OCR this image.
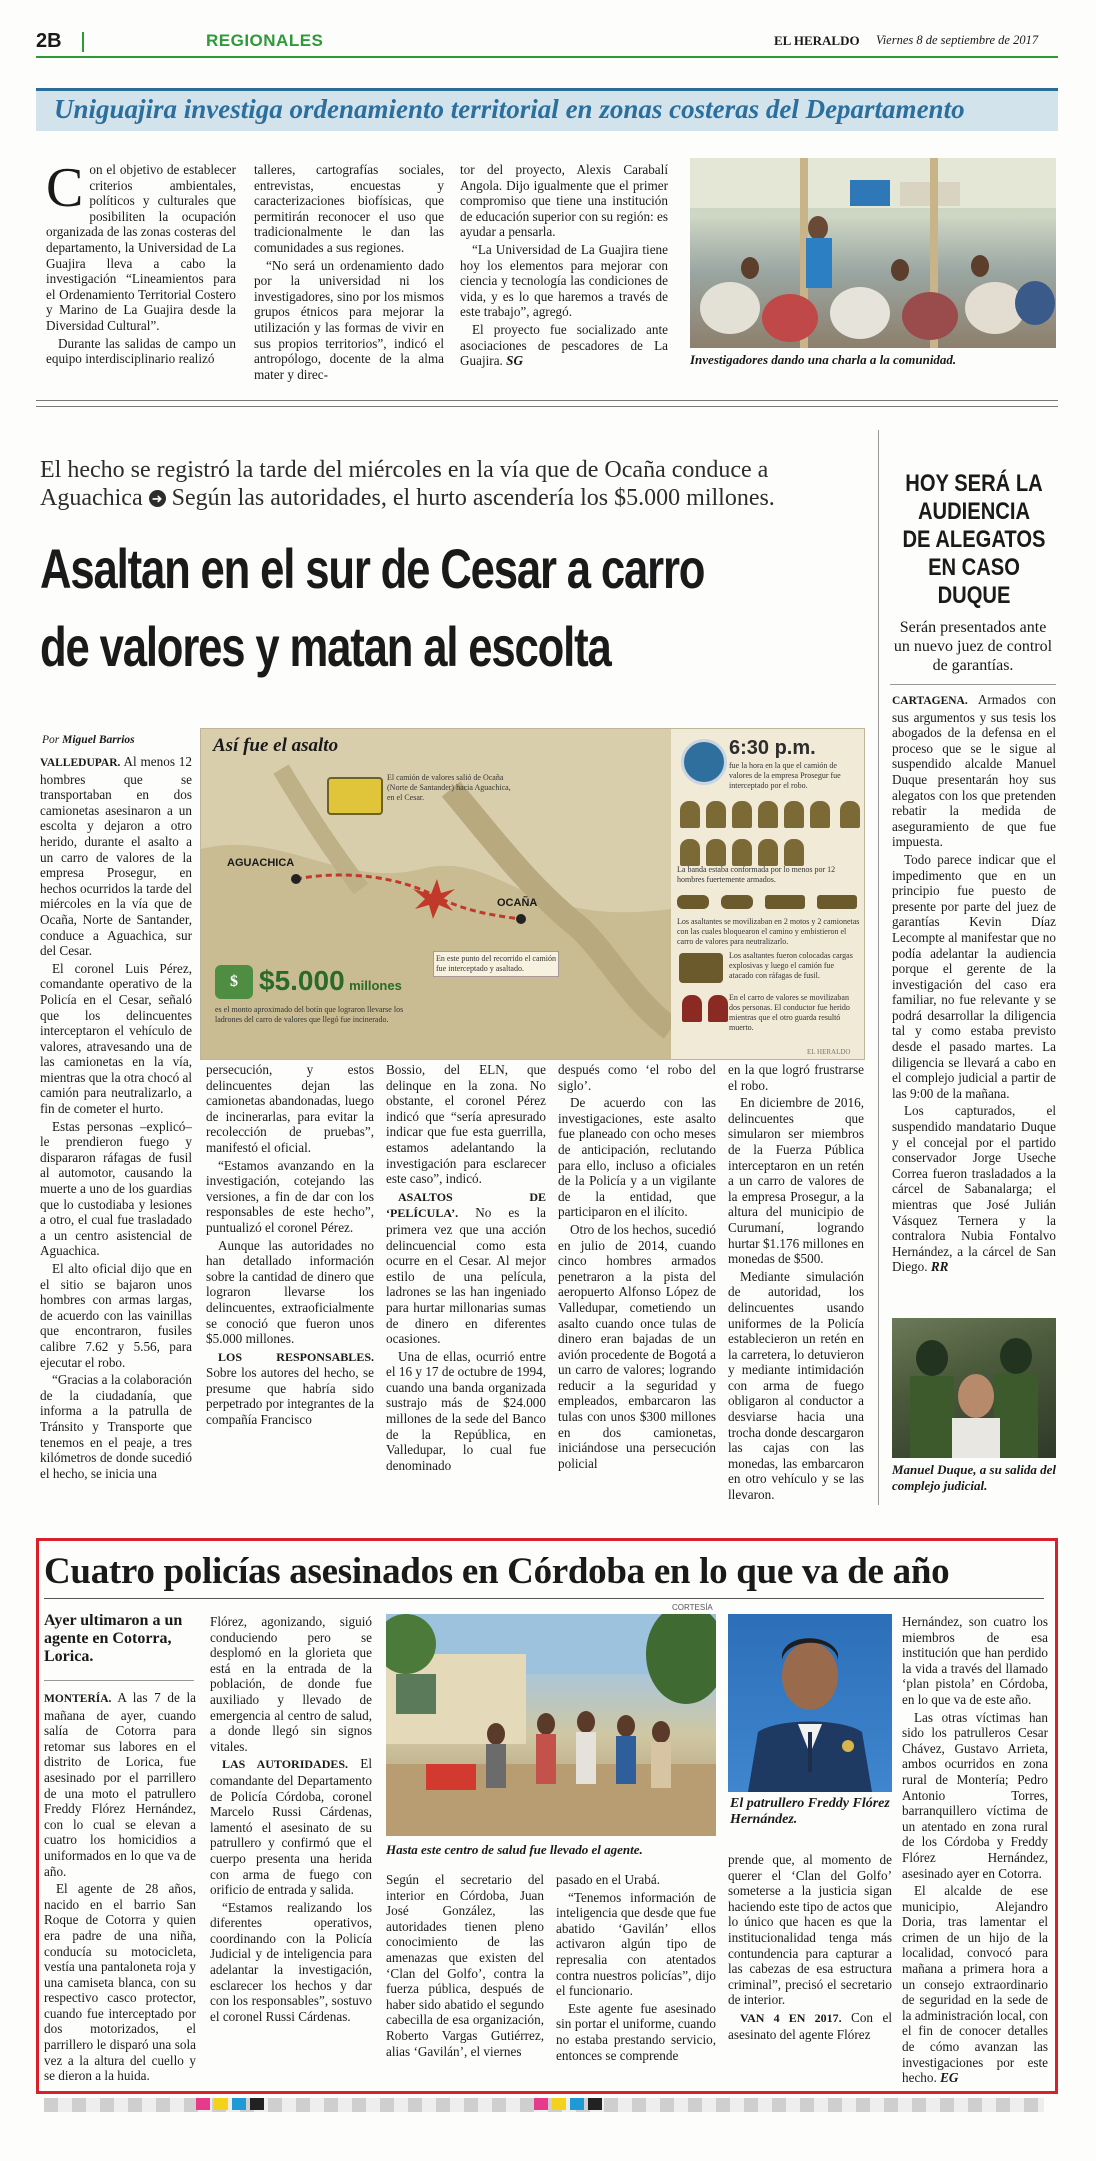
2B	REGIONALES	EL HERALDO Viernes 8 de septiembre de 2017
Uniguajira investiga ordenamiento territorial en zonas costeras del Departamento

Con el objetivo de establecer criterios ambientales, políticos y culturales que posibiliten la ocupación organizada de las zonas costeras del departamento, la Universidad de La Guajira lleva a cabo la investigación “Lineamientos para el Ordenamiento Territorial Costero y Marino de La Guajira desde la Diversidad Cultural”.

Durante las salidas de campo un equipo interdisciplinario realizó

talleres, cartografías sociales, entrevistas, encuestas y caracterizaciones biofísicas, que permitirán reconocer el uso que tradicionalmente le dan las comunidades a sus regiones.

“No será un ordenamiento dado por la universidad ni los investigadores, sino por los mismos grupos étnicos para mejorar la utilización y las formas de vivir en sus propios territorios”, indicó el antropólogo, docente de la alma mater y direc-

tor del proyecto, Alexis Carabalí Angola. Dijo igualmente que el primer compromiso que tiene una institución de educación superior con su región: es ayudar a pensarla.

“La Universidad de La Guajira tiene hoy los elementos para mejorar con ciencia y tecnología las condiciones de vida, y es lo que haremos a través de este trabajo”, agregó.

El proyecto fue socializado ante asociaciones de pescadores de La Guajira. SG	Investigadores dando una charla a la comunidad.
El hecho se registró la tarde del miércoles en la vía que de Ocaña conduce a Aguachica ➜ Según las autoridades, el hurto ascendería los $5.000 millones.
Asaltan en el sur de Cesar a carro
de valores y matan al escolta
Por Miguel Barrios	Así fue el asalto
AGUACHICA
OCAÑA
El camión de valores salió de Ocaña (Norte de Santander) hacia Aguachica, en el Cesar.
En este punto del recorrido el camión fue interceptado y asaltado.
$ $5.000 millones
es el monto aproximado del botín que lograron llevarse los ladrones del carro de valores que llegó fue incinerado.
6:30 p.m.
fue la hora en la que el camión de valores de la empresa Prosegur fue interceptado por el robo.

La banda estaba conformada por lo menos por 12 hombres fuertemente armados.

Los asaltantes se movilizaban en 2 motos y 2 camionetas con las cuales bloquearon el camino y embistieron el carro de valores para neutralizarlo.
Los asaltantes fueron colocadas cargas explosivas y luego el camión fue atacado con ráfagas de fusil.
En el carro de valores se movilizaban dos personas. El conductor fue herido mientras que el otro guarda resultó muerto.
EL HERALDO

VALLEDUPAR. Al menos 12 hombres que se transportaban en dos camionetas asesinaron a un escolta y dejaron a otro herido, durante el asalto a un carro de valores de la empresa Prosegur, en hechos ocurridos la tarde del miércoles en la vía que de Ocaña, Norte de Santander, conduce a Aguachica, sur del Cesar.

El coronel Luis Pérez, comandante operativo de la Policía en el Cesar, señaló que los delincuentes interceptaron el vehículo de valores, atravesando una de las camionetas en la vía, mientras que la otra chocó al camión para neutralizarlo, a fin de cometer el hurto.

Estas personas –explicó– le prendieron fuego y dispararon ráfagas de fusil al automotor, causando la muerte a uno de los guardias que lo custodiaba y lesiones a otro, el cual fue trasladado a un centro asistencial de Aguachica.

El alto oficial dijo que en el sitio se bajaron unos hombres con armas largas, de acuerdo con las vainillas que encontraron, fusiles calibre 7.62 y 5.56, para ejecutar el robo.

“Gracias a la colaboración de la ciudadanía, que informa a la patrulla de Tránsito y Transporte que tenemos en el peaje, a tres kilómetros de donde sucedió el hecho, se inicia una

persecución, y estos delincuentes dejan las camionetas abandonadas, luego de incinerarlas, para evitar la recolección de pruebas”, manifestó el oficial.

“Estamos avanzando en la investigación, cotejando las versiones, a fin de dar con los responsables de este hecho”, puntualizó el coronel Pérez.

Aunque las autoridades no han detallado información sobre la cantidad de dinero que lograron llevarse los delincuentes, extraoficialmente se conoció que fueron unos $5.000 millones.

LOS RESPONSABLES. Sobre los autores del hecho, se presume que habría sido perpetrado por integrantes de la compañía Francisco

Bossio, del ELN, que delinque en la zona. No obstante, el coronel Pérez indicó que “sería apresurado indicar que fue esta guerrilla, estamos adelantando la investigación para esclarecer este caso”, indicó.

ASALTOS DE ‘PELÍCULA’. No es la primera vez que una acción delincuencial como esta ocurre en el Cesar. Al mejor estilo de una película, ladrones se las han ingeniado para hurtar millonarias sumas de dinero en diferentes ocasiones.

Una de ellas, ocurrió entre el 16 y 17 de octubre de 1994, cuando una banda organizada sustrajo más de $24.000 millones de la sede del Banco de la República, en Valledupar, lo cual fue denominado

después como ‘el robo del siglo’.

De acuerdo con las investigaciones, este asalto fue planeado con ocho meses de anticipación, reclutando para ello, incluso a oficiales de la Policía y a un vigilante de la entidad, que participaron en el ilícito.

Otro de los hechos, sucedió en julio de 2014, cuando cinco hombres armados penetraron a la pista del aeropuerto Alfonso López de Valledupar, cometiendo un asalto cuando once tulas de dinero eran bajadas de un avión procedente de Bogotá a un carro de valores; logrando reducir a la seguridad y empleados, embarcaron las tulas con unos $300 millones en dos camionetas, iniciándose una persecución policial

en la que logró frustrarse el robo.

En diciembre de 2016, delincuentes que simularon ser miembros de la Fuerza Pública interceptaron en un retén a un carro de valores de la empresa Prosegur, a la altura del municipio de Curumaní, logrando hurtar $1.176 millones en monedas de $500.

Mediante simulación de autoridad, los delincuentes usando uniformes de la Policía establecieron un retén en la carretera, lo detuvieron y mediante intimidación con arma de fuego obligaron al conductor a desviarse hacia una trocha donde descargaron las cajas con las monedas, las embarcaron en otro vehículo y se las llevaron.

HOY SERÁ LA AUDIENCIA DE ALEGATOS EN CASO DUQUE
Serán presentados ante un nuevo juez de control de garantías.

CARTAGENA. Armados con sus argumentos y sus tesis los abogados de la defensa en el proceso que se le sigue al suspendido alcalde Manuel Duque presentarán hoy sus alegatos con los que pretenden rebatir la medida de aseguramiento de que fue impuesta.

Todo parece indicar que el impedimento que en un principio fue puesto de presente por parte del juez de garantías Kevin Díaz Lecompte al manifestar que no podía adelantar la audiencia porque el gerente de la investigación del caso era familiar, no fue relevante y se podrá desarrollar la diligencia tal y como estaba previsto desde el pasado martes. La diligencia se llevará a cabo en el complejo judicial a partir de las 9:00 de la mañana.

Los capturados, el suspendido mandatario Duque y el concejal por el partido conservador Jorge Useche Correa fueron trasladados a la cárcel de Sabanalarga; el mientras que José Julián Vásquez Ternera y la contralora Nubia Fontalvo Hernández, a la cárcel de San Diego. RR

Manuel Duque, a su salida del complejo judicial.
Cuatro policías asesinados en Córdoba en lo que va de año
Ayer ultimaron a un agente en Cotorra, Lorica.

MONTERÍA. A las 7 de la mañana de ayer, cuando salía de Cotorra para retomar sus labores en el distrito de Lorica, fue asesinado por el parrillero de una moto el patrullero Freddy Flórez Hernández, con lo cual se elevan a cuatro los homicidios a uniformados en lo que va de año.

El agente de 28 años, nacido en el barrio San Roque de Cotorra y quien era padre de una niña, conducía su motocicleta, vestía una pantaloneta roja y una camiseta blanca, con su respectivo casco protector, cuando fue interceptado por dos motorizados, el parrillero le disparó una sola vez a la altura del cuello y se dieron a la huida.

Flórez, agonizando, siguió conduciendo pero se desplomó en la glorieta que está en la entrada de la población, de donde fue auxiliado y llevado de emergencia al centro de salud, a donde llegó sin signos vitales.

LAS AUTORIDADES. El comandante del Departamento de Policía Córdoba, coronel Marcelo Russi Cárdenas, lamentó el asesinato de su patrullero y confirmó que el cuerpo presenta una herida con arma de fuego con orificio de entrada y salida.

“Estamos realizando los diferentes operativos, coordinando con la Policía Judicial y de inteligencia para adelantar la investigación, esclarecer los hechos y dar con los responsables”, sostuvo el coronel Russi Cárdenas.

CORTESÍA
Hasta este centro de salud fue llevado el agente.
El patrullero Freddy Flórez Hernández.

Según el secretario del interior en Córdoba, Juan José González, las autoridades tienen pleno conocimiento de las amenazas que existen del ‘Clan del Golfo’, contra la fuerza pública, después de haber sido abatido el segundo cabecilla de esa organización, Roberto Vargas Gutiérrez, alias ‘Gavilán’, el viernes

pasado en el Urabá.

“Tenemos información de inteligencia que desde que fue abatido ‘Gavilán’ ellos activaron algún tipo de represalia con atentados contra nuestros policías”, dijo el funcionario.

Este agente fue asesinado sin portar el uniforme, cuando no estaba prestando servicio, entonces se comprende

prende que, al momento de querer el ‘Clan del Golfo’ someterse a la justicia sigan haciendo este tipo de actos que lo único que hacen es que la institucionalidad tenga más contundencia para capturar a las cabezas de esa estructura criminal”, precisó el secretario de interior.

VAN 4 EN 2017. Con el asesinato del agente Flórez

Hernández, son cuatro los miembros de esa institución que han perdido la vida a través del llamado ‘plan pistola’ en Córdoba, en lo que va de este año.

Las otras víctimas han sido los patrulleros Cesar Chávez, Gustavo Arrieta, ambos ocurridos en zona rural de Montería; Pedro Antonio Torres, barranquillero víctima de un atentado en zona rural de los Córdoba y Freddy Flórez Hernández, asesinado ayer en Cotorra.

El alcalde de ese municipio, Alejandro Doria, tras lamentar el crimen de un hijo de la localidad, convocó para mañana a primera hora a un consejo extraordinario de seguridad en la sede de la administración local, con el fin de conocer detalles de cómo avanzan las investigaciones por este hecho. EG
